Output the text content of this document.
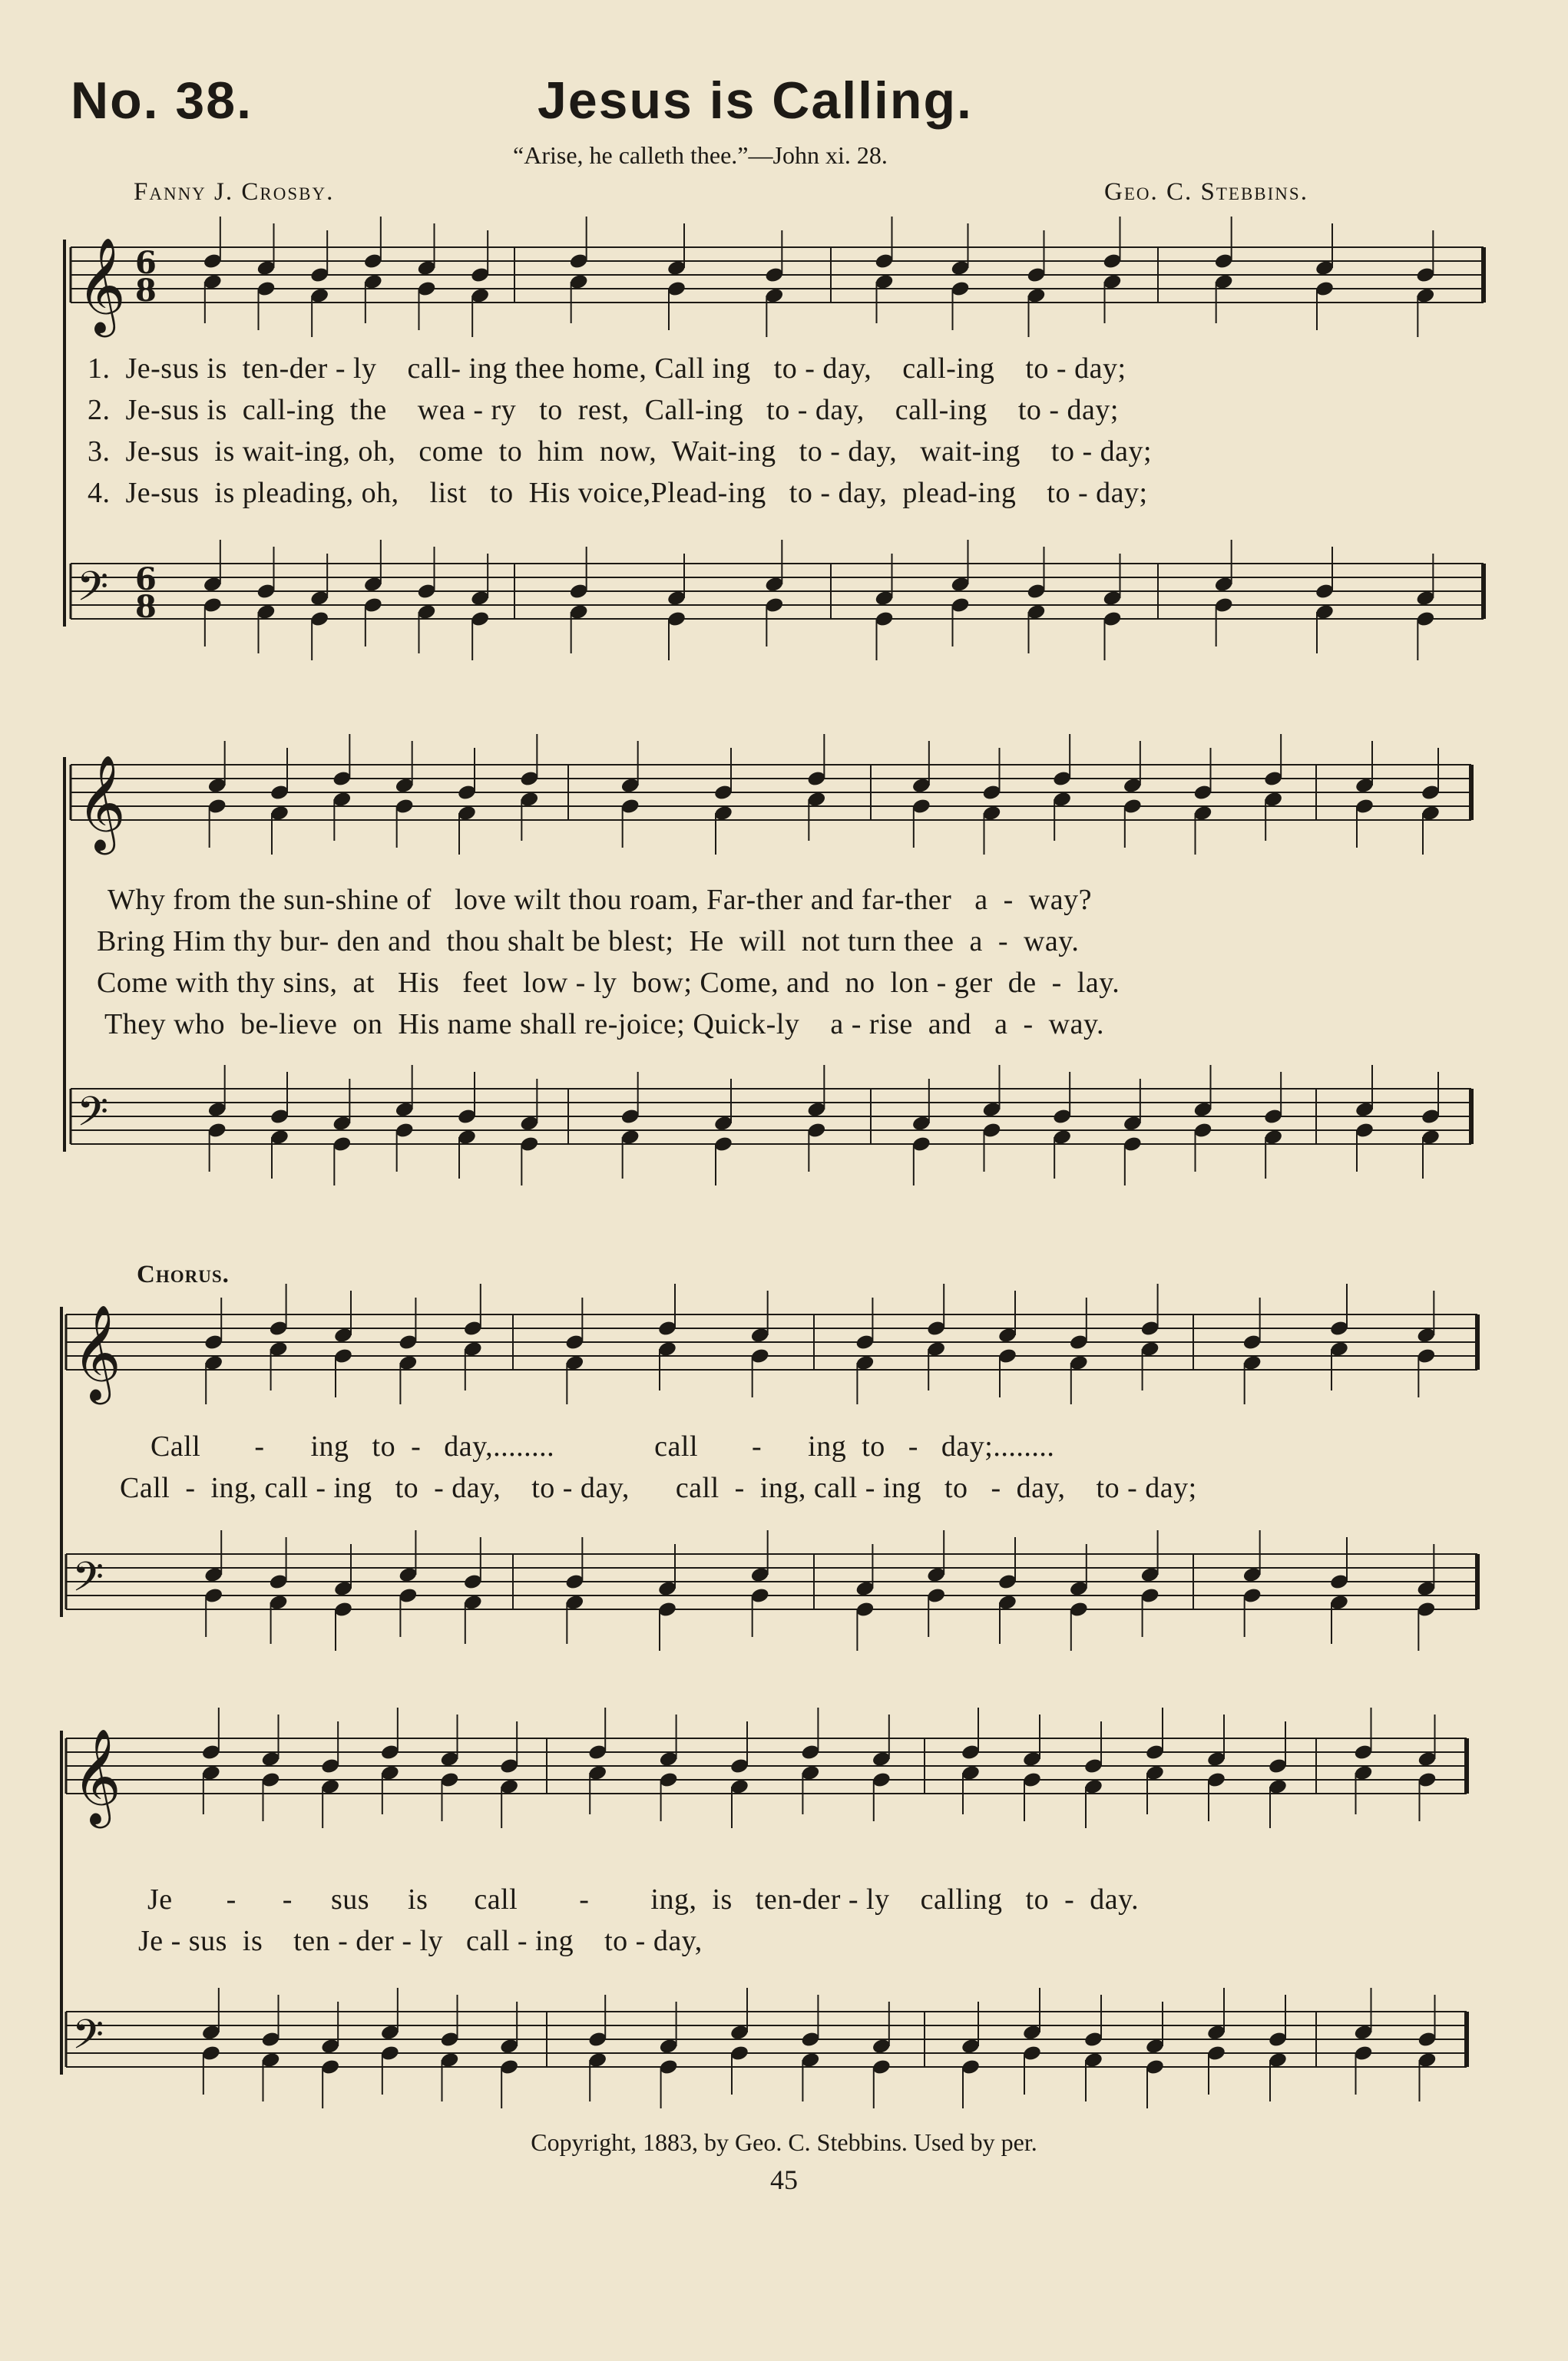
No. 38.	Jesus is Calling.
“Arise, he calleth thee.”—John xi. 28.
Fanny J. Crosby.	Geo. C. Stebbins.
𝄞
𝄢
6
8
6
8
𝄞
𝄢
𝄞
𝄢
𝄞
𝄢
1.  Je-sus is  ten-der - ly    call- ing thee home, Call ing   to - day,    call-ing    to - day;
2.  Je-sus is  call-ing  the    wea - ry   to  rest,  Call-ing   to - day,    call-ing    to - day;
3.  Je-sus  is wait-ing, oh,   come  to  him  now,  Wait-ing   to - day,   wait-ing    to - day;
4.  Je-sus  is pleading, oh,    list   to  His voice,Plead-ing   to - day,  plead-ing    to - day;
Why from the sun-shine of   love wilt thou roam, Far-ther and far-ther   a  -  way?
Bring Him thy bur- den and  thou shalt be blest;  He  will  not turn thee  a  -  way.
Come with thy sins,  at   His   feet  low - ly  bow; Come, and  no  lon - ger  de  -  lay.
They who  be-lieve  on  His name shall re-joice; Quick-ly    a - rise  and   a  -  way.
Chorus.
Call       -      ing   to  -   day,........             call       -      ing  to   -   day;........
Call  -  ing, call - ing   to  - day,    to - day,      call  -  ing, call - ing   to   -  day,    to - day;
Je       -      -     sus     is      call        -        ing,  is   ten-der - ly    calling   to  -  day.
Je - sus  is    ten - der - ly   call - ing    to - day,
Copyright, 1883, by Geo. C. Stebbins. Used by per.
45
